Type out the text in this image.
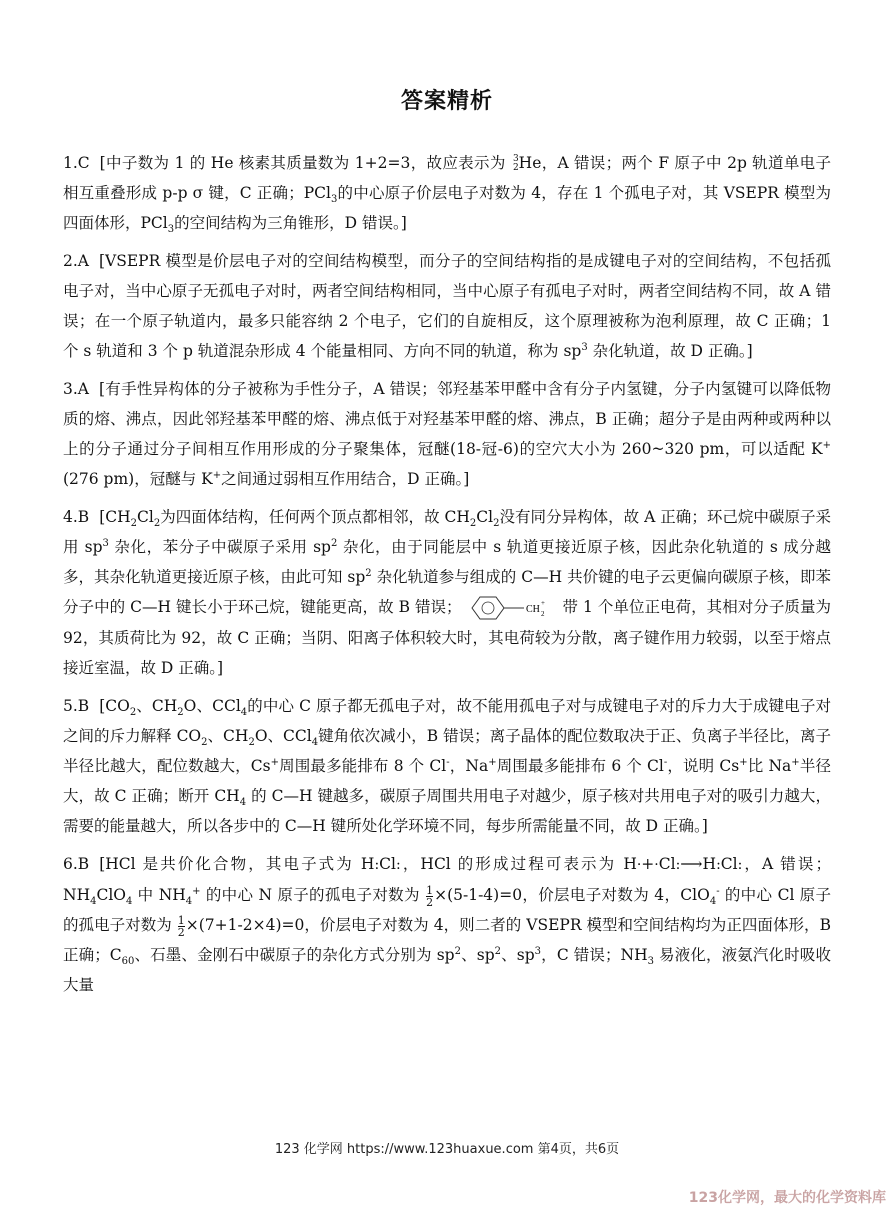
答案精析

1.C [中子数为 1 的 He 核素其质量数为 1+2=3，故应表示为 3
2 He，A 错误；两个 F 原子中 2p 轨道单电子相互重叠形成 p-p σ 键，C 正确；PCl$_3$的中心原子价层电子对数为 4，存在 1 个孤电子对，其 VSEPR 模型为四面体形，PCl$_3$的空间结构为三角锥形，D 错误。]

2.A [VSEPR 模型是价层电子对的空间结构模型，而分子的空间结构指的是成键电子对的空间结构，不包括孤电子对，当中心原子无孤电子对时，两者空间结构相同，当中心原子有孤电子对时，两者空间结构不同，故 A 错误；在一个原子轨道内，最多只能容纳 2 个电子，它们的自旋相反，这个原理被称为泡利原理，故 C 正确；1 个 s 轨道和 3 个 p 轨道混杂形成 4 个能量相同、方向不同的轨道，称为 $sp^3$ 杂化轨道，故 D 正确。]

3.A [有手性异构体的分子被称为手性分子，A 错误；邻羟基苯甲醛中含有分子内氢键，分子内氢键可以降低物质的熔、沸点，因此邻羟基苯甲醛的熔、沸点低于对羟基苯甲醛的熔、沸点，B 正确；超分子是由两种或两种以上的分子通过分子间相互作用形成的分子聚集体，冠醚(18-冠-6)的空穴大小为 260~320 pm，可以适配 K+(276 pm)，冠醚与 K+之间通过弱相互作用结合，D 正确。]

4.B [$CH_2Cl_2$为四面体结构，任何两个顶点都相邻，故 $CH_2Cl_2$没有同分异构体，故 A 正确；环己烷中碳原子采用 $sp^3$ 杂化，苯分子中碳原子采用 $sp^2$ 杂化，由于同能层中 s 轨道更接近原子核，因此杂化轨道的 s 成分越多，其杂化轨道更接近原子核，由此可知 $sp^2$ 杂化轨道参与组成的 C—H 共价键的电子云更偏向碳原子核，即苯分子中的 C—H 键长小于环己烷，键能更高，故 B 错误；	CH
+
2 带 1 个单位正电荷，其相对分子质量为 92，其质荷比为 92，故 C 正确；当阴、阳离子体积较大时，其电荷较为分散，离子键作用力较弱，以至于熔点接近室温，故 D 正确。]

5.B [$CO_2$、$CH_2O$、CCl$_4$的中心 C 原子都无孤电子对，故不能用孤电子对与成键电子对的斥力大于成键电子对之间的斥力解释 $CO_2$、$CH_2O$、CCl$_4$键角依次减小，B 错误；离子晶体的配位数取决于正、负离子半径比，离子半径比越大，配位数越大，Cs+周围最多能排布 8 个 Cl-，Na+周围最多能排布 6 个 Cl-，说明 Cs+比 Na+半径大，故 C 正确；断开 $CH_4$ 的 C—H 键越多，碳原子周围共用电子对越少，原子核对共用电子对的吸引力越大，需要的能量越大，所以各步中的 C—H 键所处化学环境不同，每步所需能量不同，故 D 正确。]

6.B [HCl 是共价化合物，其电子式为 H:Cl:，HCl 的形成过程可表示为 H·+·Cl:⟶H:Cl:，A 错误；$NH_4ClO_4$ 中 $NH_4^+$ 的中心 N 原子的孤电子对数为 $\frac{1}{2} \times(5-1-4)=0$，价层电子对数为 4，ClO$_4$- 的中心 Cl 原子的孤电子对数为 $\frac{1}{2} \times(7+1-2\times 4)=0$，价层电子对数为 4，则二者的 VSEPR 模型和空间结构均为正四面体形，B 正确；$C_{60}$、石墨、金刚石中碳原子的杂化方式分别为 $sp^2$、$sp^2$、$sp^3$，C 错误；$NH_3$ 易液化，液氨汽化时吸收大量

123 化学网 https://www.123huaxue.com 第4页，共6页
123化学网，最大的化学资料库
